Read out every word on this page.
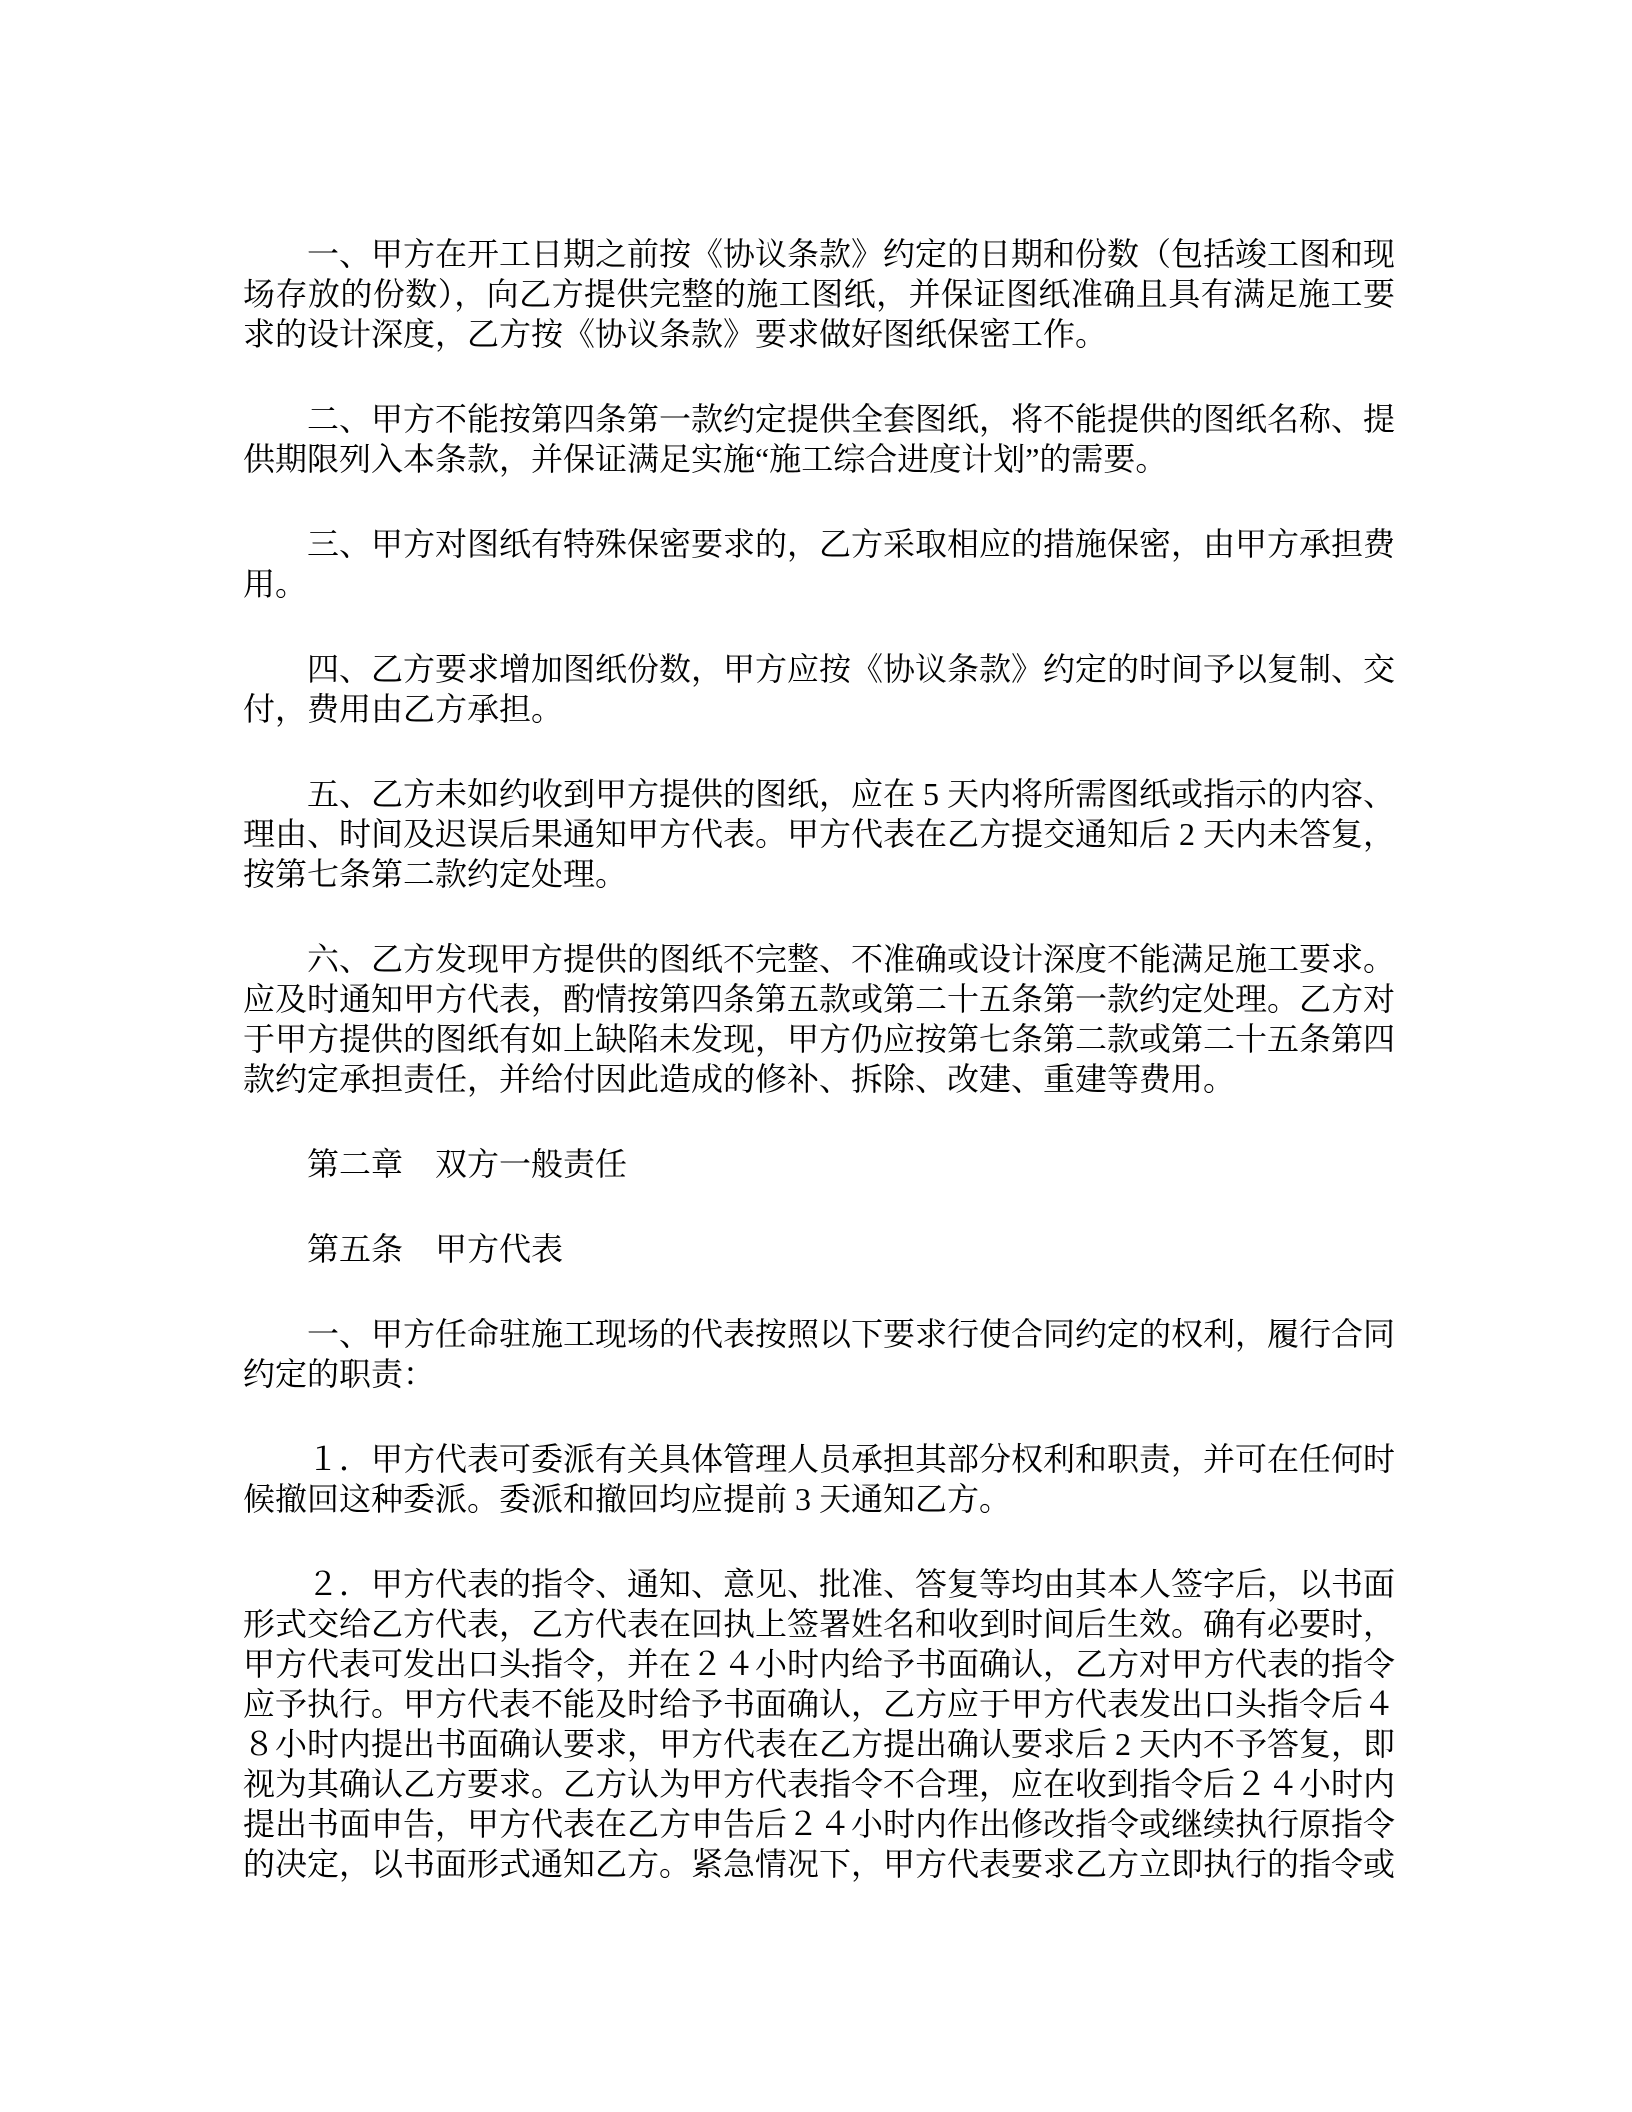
一、甲方在开工日期之前按《协议条款》约定的日期和份数（包括竣工图和现场存放的份数），向乙方提供完整的施工图纸，并保证图纸准确且具有满足施工要求的设计深度，乙方按《协议条款》要求做好图纸保密工作。

二、甲方不能按第四条第一款约定提供全套图纸，将不能提供的图纸名称、提供期限列入本条款，并保证满足实施“施工综合进度计划”的需要。

三、甲方对图纸有特殊保密要求的，乙方采取相应的措施保密，由甲方承担费用。

四、乙方要求增加图纸份数，甲方应按《协议条款》约定的时间予以复制、交付，费用由乙方承担。

五、乙方未如约收到甲方提供的图纸，应在 5 天内将所需图纸或指示的内容、理由、时间及迟误后果通知甲方代表。甲方代表在乙方提交通知后 2 天内未答复，按第七条第二款约定处理。

六、乙方发现甲方提供的图纸不完整、不准确或设计深度不能满足施工要求。应及时通知甲方代表，酌情按第四条第五款或第二十五条第一款约定处理。乙方对于甲方提供的图纸有如上缺陷未发现，甲方仍应按第七条第二款或第二十五条第四款约定承担责任，并给付因此造成的修补、拆除、改建、重建等费用。

第二章　双方一般责任

第五条　甲方代表

一、甲方任命驻施工现场的代表按照以下要求行使合同约定的权利，履行合同约定的职责：

１．甲方代表可委派有关具体管理人员承担其部分权利和职责，并可在任何时候撤回这种委派。委派和撤回均应提前 3 天通知乙方。

２．甲方代表的指令、通知、意见、批准、答复等均由其本人签字后，以书面形式交给乙方代表，乙方代表在回执上签署姓名和收到时间后生效。确有必要时，甲方代表可发出口头指令，并在２４小时内给予书面确认，乙方对甲方代表的指令应予执行。甲方代表不能及时给予书面确认，乙方应于甲方代表发出口头指令后４８小时内提出书面确认要求，甲方代表在乙方提出确认要求后 2 天内不予答复，即视为其确认乙方要求。乙方认为甲方代表指令不合理，应在收到指令后２４小时内提出书面申告，甲方代表在乙方申告后２４小时内作出修改指令或继续执行原指令的决定，以书面形式通知乙方。紧急情况下，甲方代表要求乙方立即执行的指令或
